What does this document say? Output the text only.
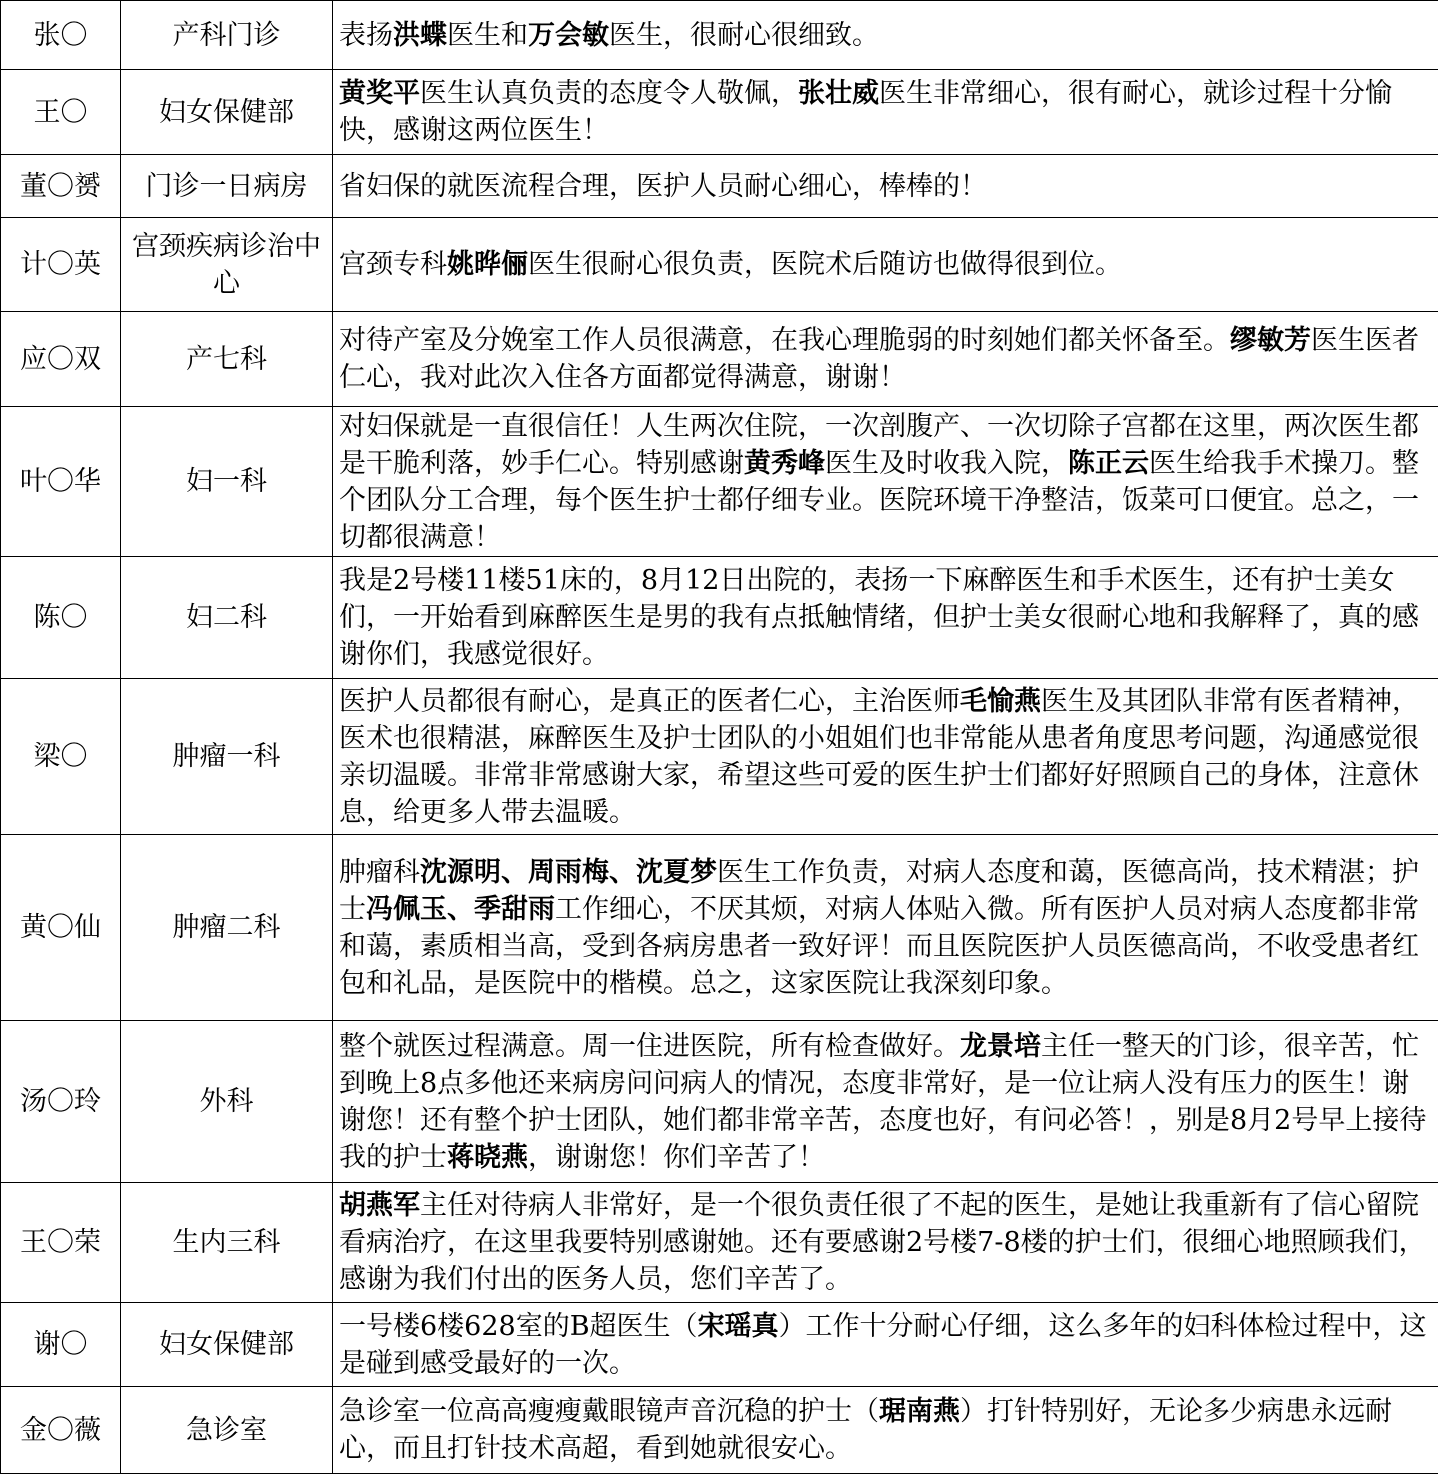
张〇	产科门诊	表扬洪蝶医生和万会敏医生，很耐心很细致。
王〇	妇女保健部	黄奖平医生认真负责的态度令人敬佩，张壮威医生非常细心，很有耐心，就诊过程十分愉快，感谢这两位医生！
董〇赟	门诊一日病房	省妇保的就医流程合理，医护人员耐心细心，棒棒的！
计〇英	宫颈疾病诊治中心	宫颈专科姚晔俪医生很耐心很负责，医院术后随访也做得很到位。
应〇双	产七科	对待产室及分娩室工作人员很满意，在我心理脆弱的时刻她们都关怀备至。缪敏芳医生医者仁心，我对此次入住各方面都觉得满意，谢谢！
叶〇华	妇一科	对妇保就是一直很信任！人生两次住院，一次剖腹产、一次切除子宫都在这里，两次医生都是干脆利落，妙手仁心。特别感谢黄秀峰医生及时收我入院，陈正云医生给我手术操刀。整个团队分工合理，每个医生护士都仔细专业。医院环境干净整洁，饭菜可口便宜。总之，一切都很满意！
陈〇	妇二科	我是2号楼11楼51床的，8月12日出院的，表扬一下麻醉医生和手术医生，还有护士美女们，一开始看到麻醉医生是男的我有点抵触情绪，但护士美女很耐心地和我解释了，真的感谢你们，我感觉很好。
梁〇	肿瘤一科	医护人员都很有耐心，是真正的医者仁心，主治医师毛愉燕医生及其团队非常有医者精神，医术也很精湛，麻醉医生及护士团队的小姐姐们也非常能从患者角度思考问题，沟通感觉很亲切温暖。非常非常感谢大家，希望这些可爱的医生护士们都好好照顾自己的身体，注意休息，给更多人带去温暖。
黄〇仙	肿瘤二科	肿瘤科沈源明、周雨梅、沈夏梦医生工作负责，对病人态度和蔼，医德高尚，技术精湛；护士冯佩玉、季甜雨工作细心，不厌其烦，对病人体贴入微。所有医护人员对病人态度都非常和蔼，素质相当高，受到各病房患者一致好评！而且医院医护人员医德高尚，不收受患者红包和礼品，是医院中的楷模。总之，这家医院让我深刻印象。
汤〇玲	外科	整个就医过程满意。周一住进医院，所有检查做好。龙景培主任一整天的门诊，很辛苦，忙到晚上8点多他还来病房问问病人的情况，态度非常好，是一位让病人没有压力的医生！谢谢您！还有整个护士团队，她们都非常辛苦，态度也好，有问必答！，别是8月2号早上接待我的护士蒋晓燕，谢谢您！你们辛苦了！
王〇荣	生内三科	胡燕军主任对待病人非常好，是一个很负责任很了不起的医生，是她让我重新有了信心留院看病治疗，在这里我要特别感谢她。还有要感谢2号楼7-8楼的护士们，很细心地照顾我们，感谢为我们付出的医务人员，您们辛苦了。
谢〇	妇女保健部	一号楼6楼628室的B超医生（宋瑶真）工作十分耐心仔细，这么多年的妇科体检过程中，这是碰到感受最好的一次。
金〇薇	急诊室	急诊室一位高高瘦瘦戴眼镜声音沉稳的护士（琚南燕）打针特别好，无论多少病患永远耐心，而且打针技术高超，看到她就很安心。
